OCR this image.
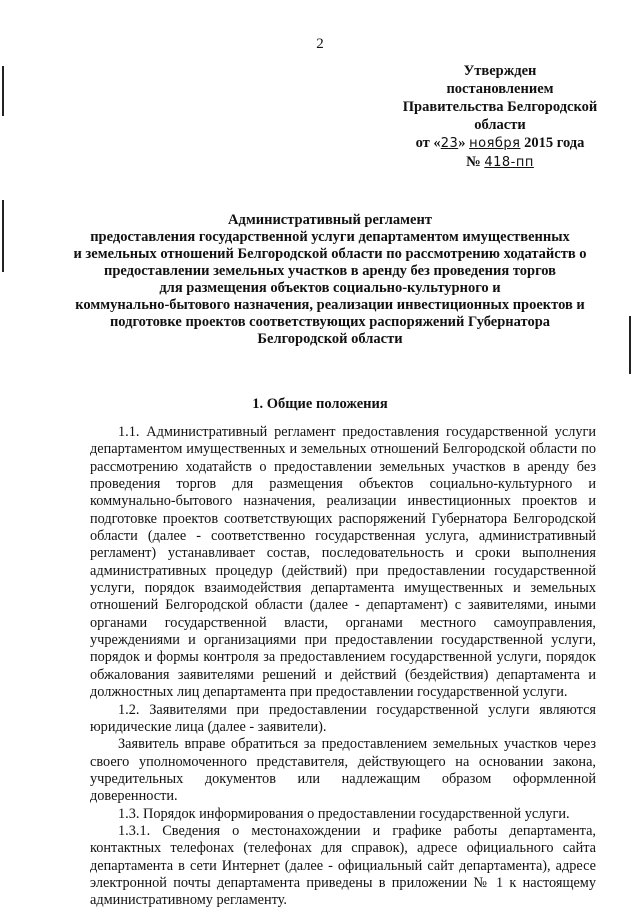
2
Утвержден
постановлением
Правительства Белгородской
области
от «23» ноября 2015 года
№ 418-пп
Административный регламент
предоставления государственной услуги департаментом имущественных
и земельных отношений Белгородской области по рассмотрению ходатайств о
предоставлении земельных участков в аренду без проведения торгов
для размещения объектов социально-культурного и
коммунально-бытового назначения, реализации инвестиционных проектов и
подготовке проектов соответствующих распоряжений Губернатора
Белгородской области
1. Общие положения

1.1. Административный регламент предоставления государственной услуги департаментом имущественных и земельных отношений Белгородской области по рассмотрению ходатайств о предоставлении земельных участков в аренду без проведения торгов для размещения объектов социально-культурного и коммунально-бытового назначения, реализации инвестиционных проектов и подготовке проектов соответствующих распоряжений Губернатора Белгородской области (далее - соответственно государственная услуга, административный регламент) устанавливает состав, последовательность и сроки выполнения административных процедур (действий) при предоставлении государственной услуги, порядок взаимодействия департамента имущественных и земельных отношений Белгородской области (далее - департамент) с заявителями, иными органами государственной власти, органами местного самоуправления, учреждениями и организациями при предоставлении государственной услуги, порядок и формы контроля за предоставлением государственной услуги, порядок обжалования заявителями решений и действий (бездействия) департамента и должностных лиц департамента при предоставлении государственной услуги.

1.2. Заявителями при предоставлении государственной услуги являются юридические лица (далее - заявители).

Заявитель вправе обратиться за предоставлением земельных участков через своего уполномоченного представителя, действующего на основании закона, учредительных документов или надлежащим образом оформленной доверенности.

1.3. Порядок информирования о предоставлении государственной услуги.

1.3.1. Сведения о местонахождении и графике работы департамента, контактных телефонах (телефонах для справок), адресе официального сайта департамента в сети Интернет (далее - официальный сайт департамента), адресе электронной почты департамента приведены в приложении № 1 к настоящему административному регламенту.
